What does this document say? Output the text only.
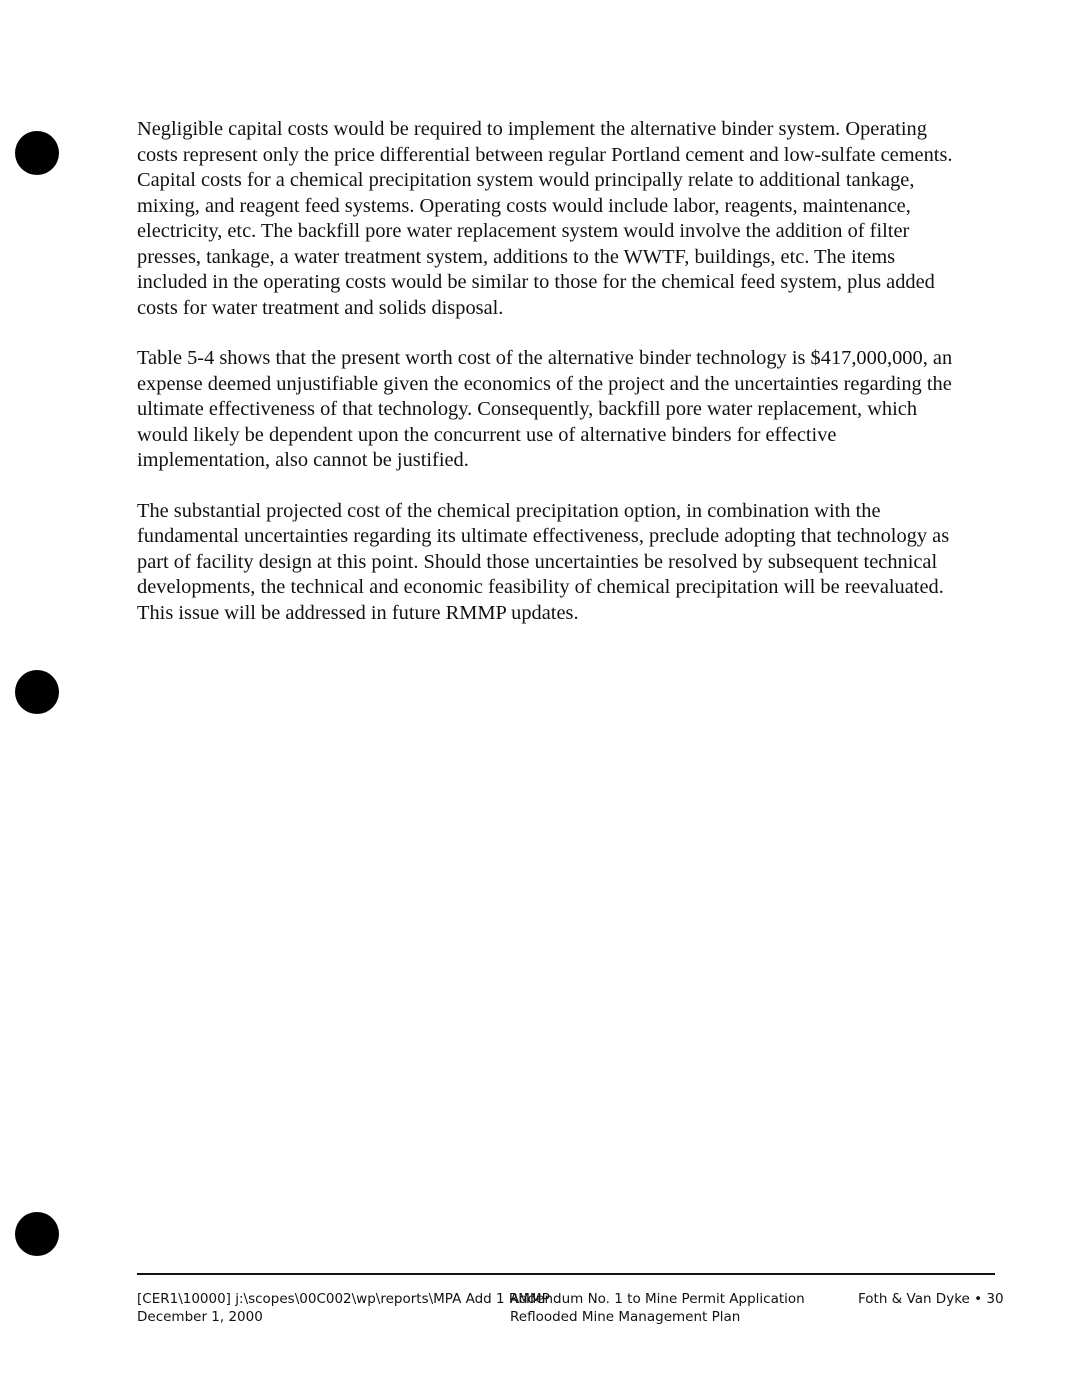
Negligible capital costs would be required to implement the alternative binder system. Operating costs represent only the price differential between regular Portland cement and low-sulfate cements. Capital costs for a chemical precipitation system would principally relate to additional tankage, mixing, and reagent feed systems. Operating costs would include labor, reagents, maintenance, electricity, etc. The backfill pore water replacement system would involve the addition of filter presses, tankage, a water treatment system, additions to the WWTF, buildings, etc. The items included in the operating costs would be similar to those for the chemical feed system, plus added costs for water treatment and solids disposal.

Table 5-4 shows that the present worth cost of the alternative binder technology is $417,000,000, an expense deemed unjustifiable given the economics of the project and the uncertainties regarding the ultimate effectiveness of that technology. Consequently, backfill pore water replacement, which would likely be dependent upon the concurrent use of alternative binders for effective implementation, also cannot be justified.

The substantial projected cost of the chemical precipitation option, in combination with the fundamental uncertainties regarding its ultimate effectiveness, preclude adopting that technology as part of facility design at this point. Should those uncertainties be resolved by subsequent technical developments, the technical and economic feasibility of chemical precipitation will be reevaluated. This issue will be addressed in future RMMP updates.

[CER1\10000] j:\scopes\00C002\wp\reports\MPA Add 1 RMMP
December 1, 2000
Addendum No. 1 to Mine Permit Application
Reflooded Mine Management Plan
Foth & Van Dyke • 30
